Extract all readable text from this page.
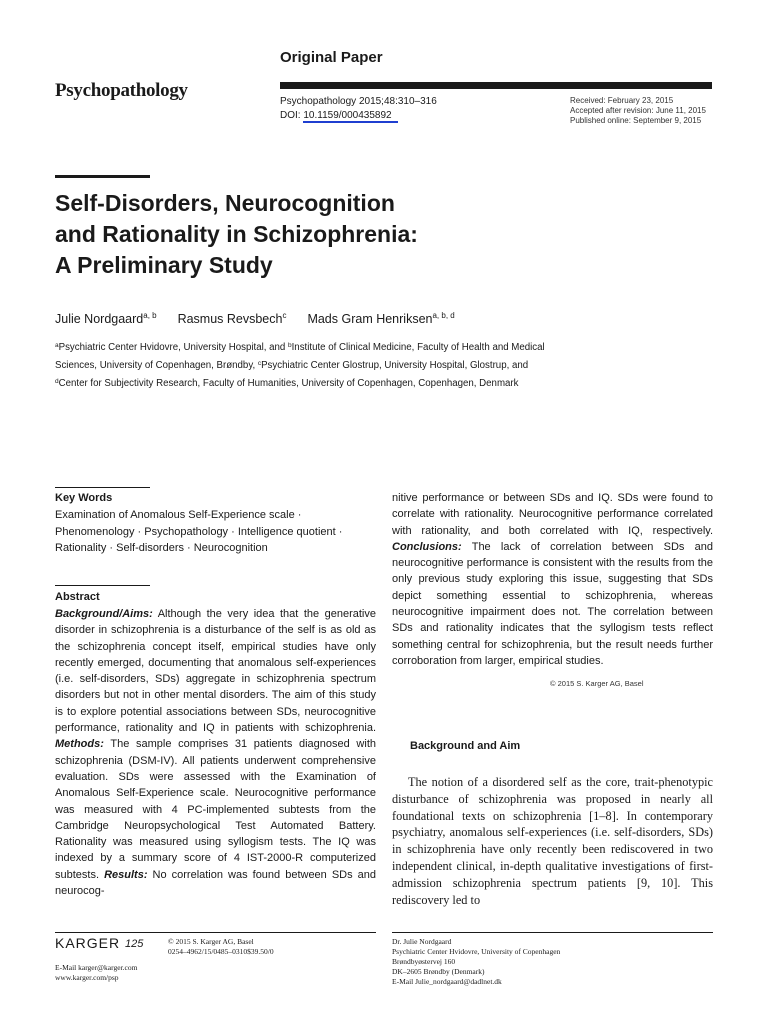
Psychopathology
Original Paper
Psychopathology 2015;48:310–316
DOI: 10.1159/000435892
Received: February 23, 2015
Accepted after revision: June 11, 2015
Published online: September 9, 2015
Self-Disorders, Neurocognition
and Rationality in Schizophrenia:
A Preliminary Study
Julie Nordgaard$^{a, b}$ Rasmus Revsbech$^c$ Mads Gram Henriksen$^{a, b, d}$
$^a$Psychiatric Center Hvidovre, University Hospital, and $^b$Institute of Clinical Medicine, Faculty of Health and Medical
Sciences, University of Copenhagen, Brøndby, $^c$Psychiatric Center Glostrup, University Hospital, Glostrup, and
$^d$Center for Subjectivity Research, Faculty of Humanities, University of Copenhagen, Copenhagen, Denmark
Key Words
Examination of Anomalous Self-Experience scale · Phenomenology · Psychopathology · Intelligence quotient · Rationality · Self-disorders · Neurocognition
Abstract
Background/Aims: Although the very idea that the generative disorder in schizophrenia is a disturbance of the self is as old as the schizophrenia concept itself, empirical studies have only recently emerged, documenting that anomalous self-experiences (i.e. self-disorders, SDs) aggregate in schizophrenia spectrum disorders but not in other mental disorders. The aim of this study is to explore potential associations between SDs, neurocognitive performance, rationality and IQ in patients with schizophrenia. Methods: The sample comprises 31 patients diagnosed with schizophrenia (DSM-IV). All patients underwent comprehensive evaluation. SDs were assessed with the Examination of Anomalous Self-Experience scale. Neurocognitive performance was measured with 4 PC-implemented subtests from the Cambridge Neuropsychological Test Automated Battery. Rationality was measured using syllogism tests. The IQ was indexed by a summary score of 4 IST-2000-R computerized subtests. Results: No correlation was found between SDs and neurocog-
nitive performance or between SDs and IQ. SDs were found to correlate with rationality. Neurocognitive performance correlated with rationality, and both correlated with IQ, respectively. Conclusions: The lack of correlation between SDs and neurocognitive performance is consistent with the results from the only previous study exploring this issue, suggesting that SDs depict something essential to schizophrenia, whereas neurocognitive impairment does not. The correlation between SDs and rationality indicates that the syllogism tests reflect something central for schizophrenia, but the result needs further corroboration from larger, empirical studies.
© 2015 S. Karger AG, Basel
Background and Aim
The notion of a disordered self as the core, trait-phenotypic disturbance of schizophrenia was proposed in nearly all foundational texts on schizophrenia [1–8]. In contemporary psychiatry, anomalous self-experiences (i.e. self-disorders, SDs) in schizophrenia have only recently been rediscovered in two independent clinical, in-depth qualitative investigations of first-admission schizophrenia spectrum patients [9, 10]. This rediscovery led to
KARGER 125	© 2015 S. Karger AG, Basel
0254–4962/15/0485–0310$39.50/0
E-Mail karger@karger.com
www.karger.com/psp
Dr. Julie Nordgaard
Psychiatric Center Hvidovre, University of Copenhagen
Brøndbyøstervej 160
DK–2605 Brøndby (Denmark)
E-Mail Julie_nordgaard@dadlnet.dk
